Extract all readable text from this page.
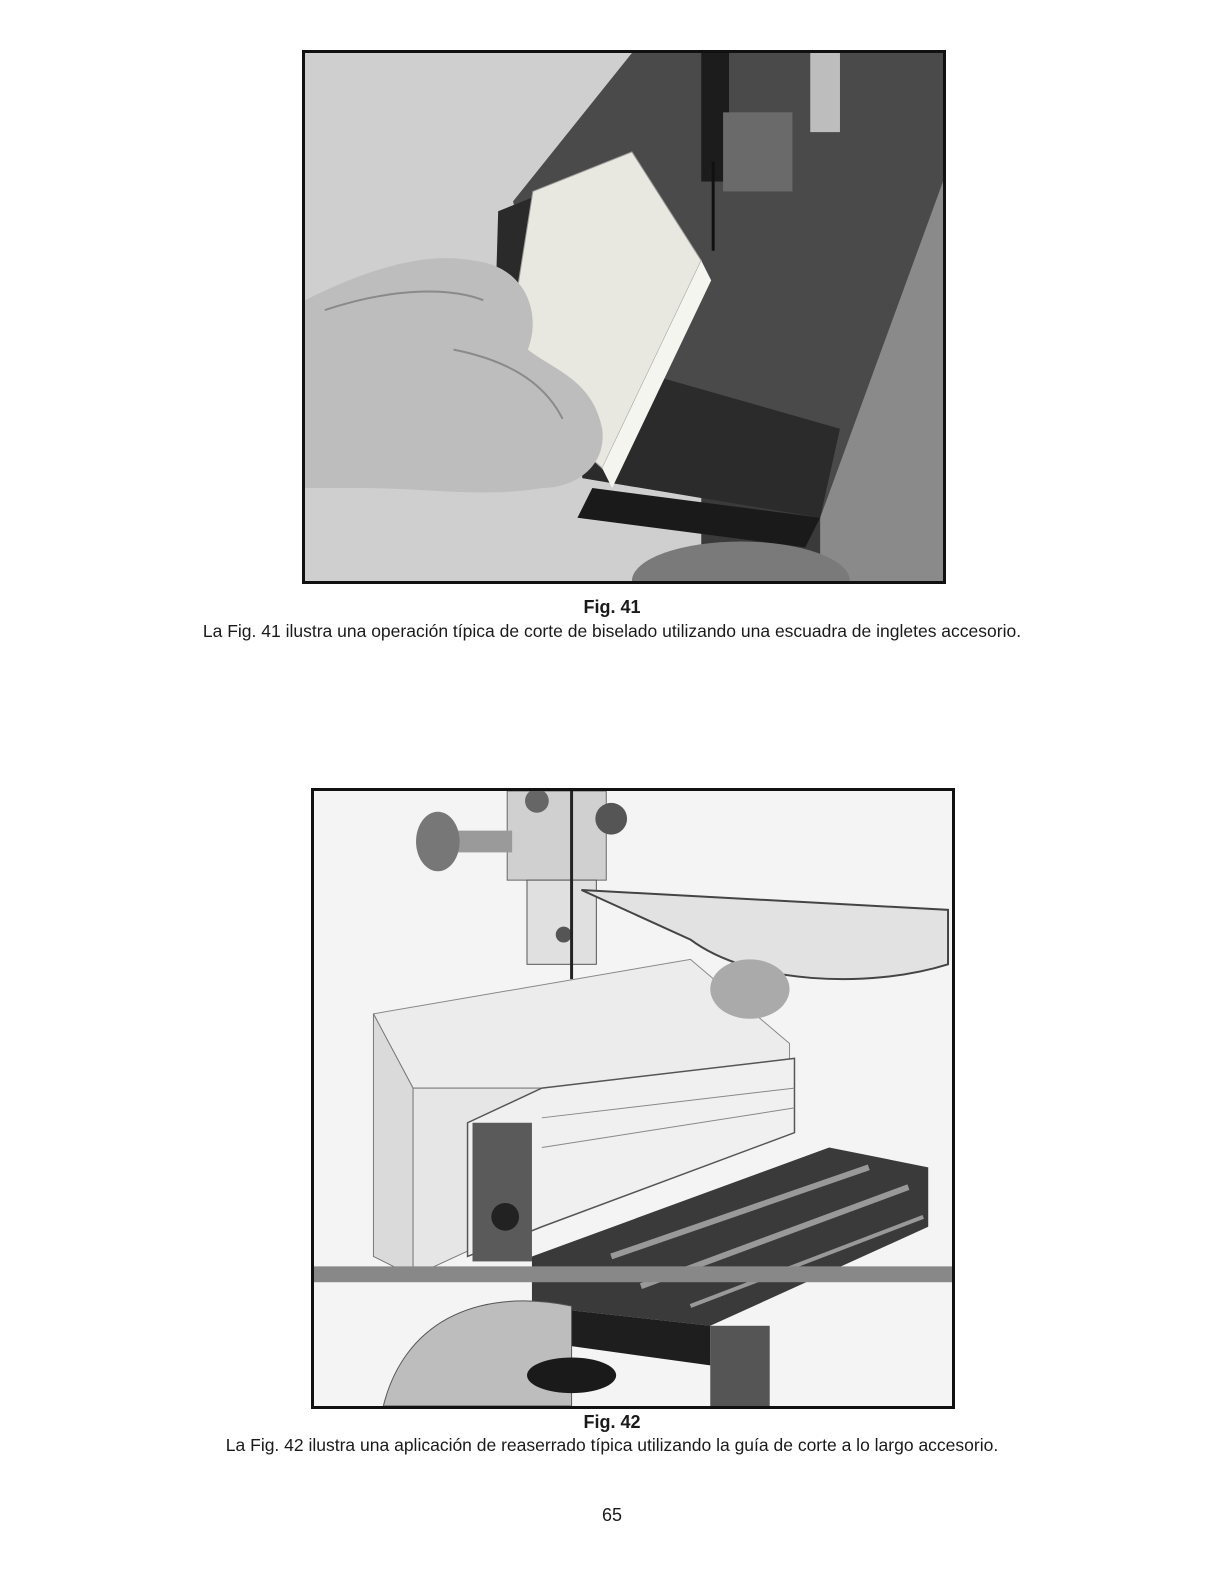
Fig. 41
La Fig. 41 ilustra una operación típica de corte de biselado utilizando una escuadra de ingletes accesorio.
Fig. 42
La Fig. 42 ilustra una aplicación de reaserrado típica utilizando la guía de corte a lo largo accesorio.
65
